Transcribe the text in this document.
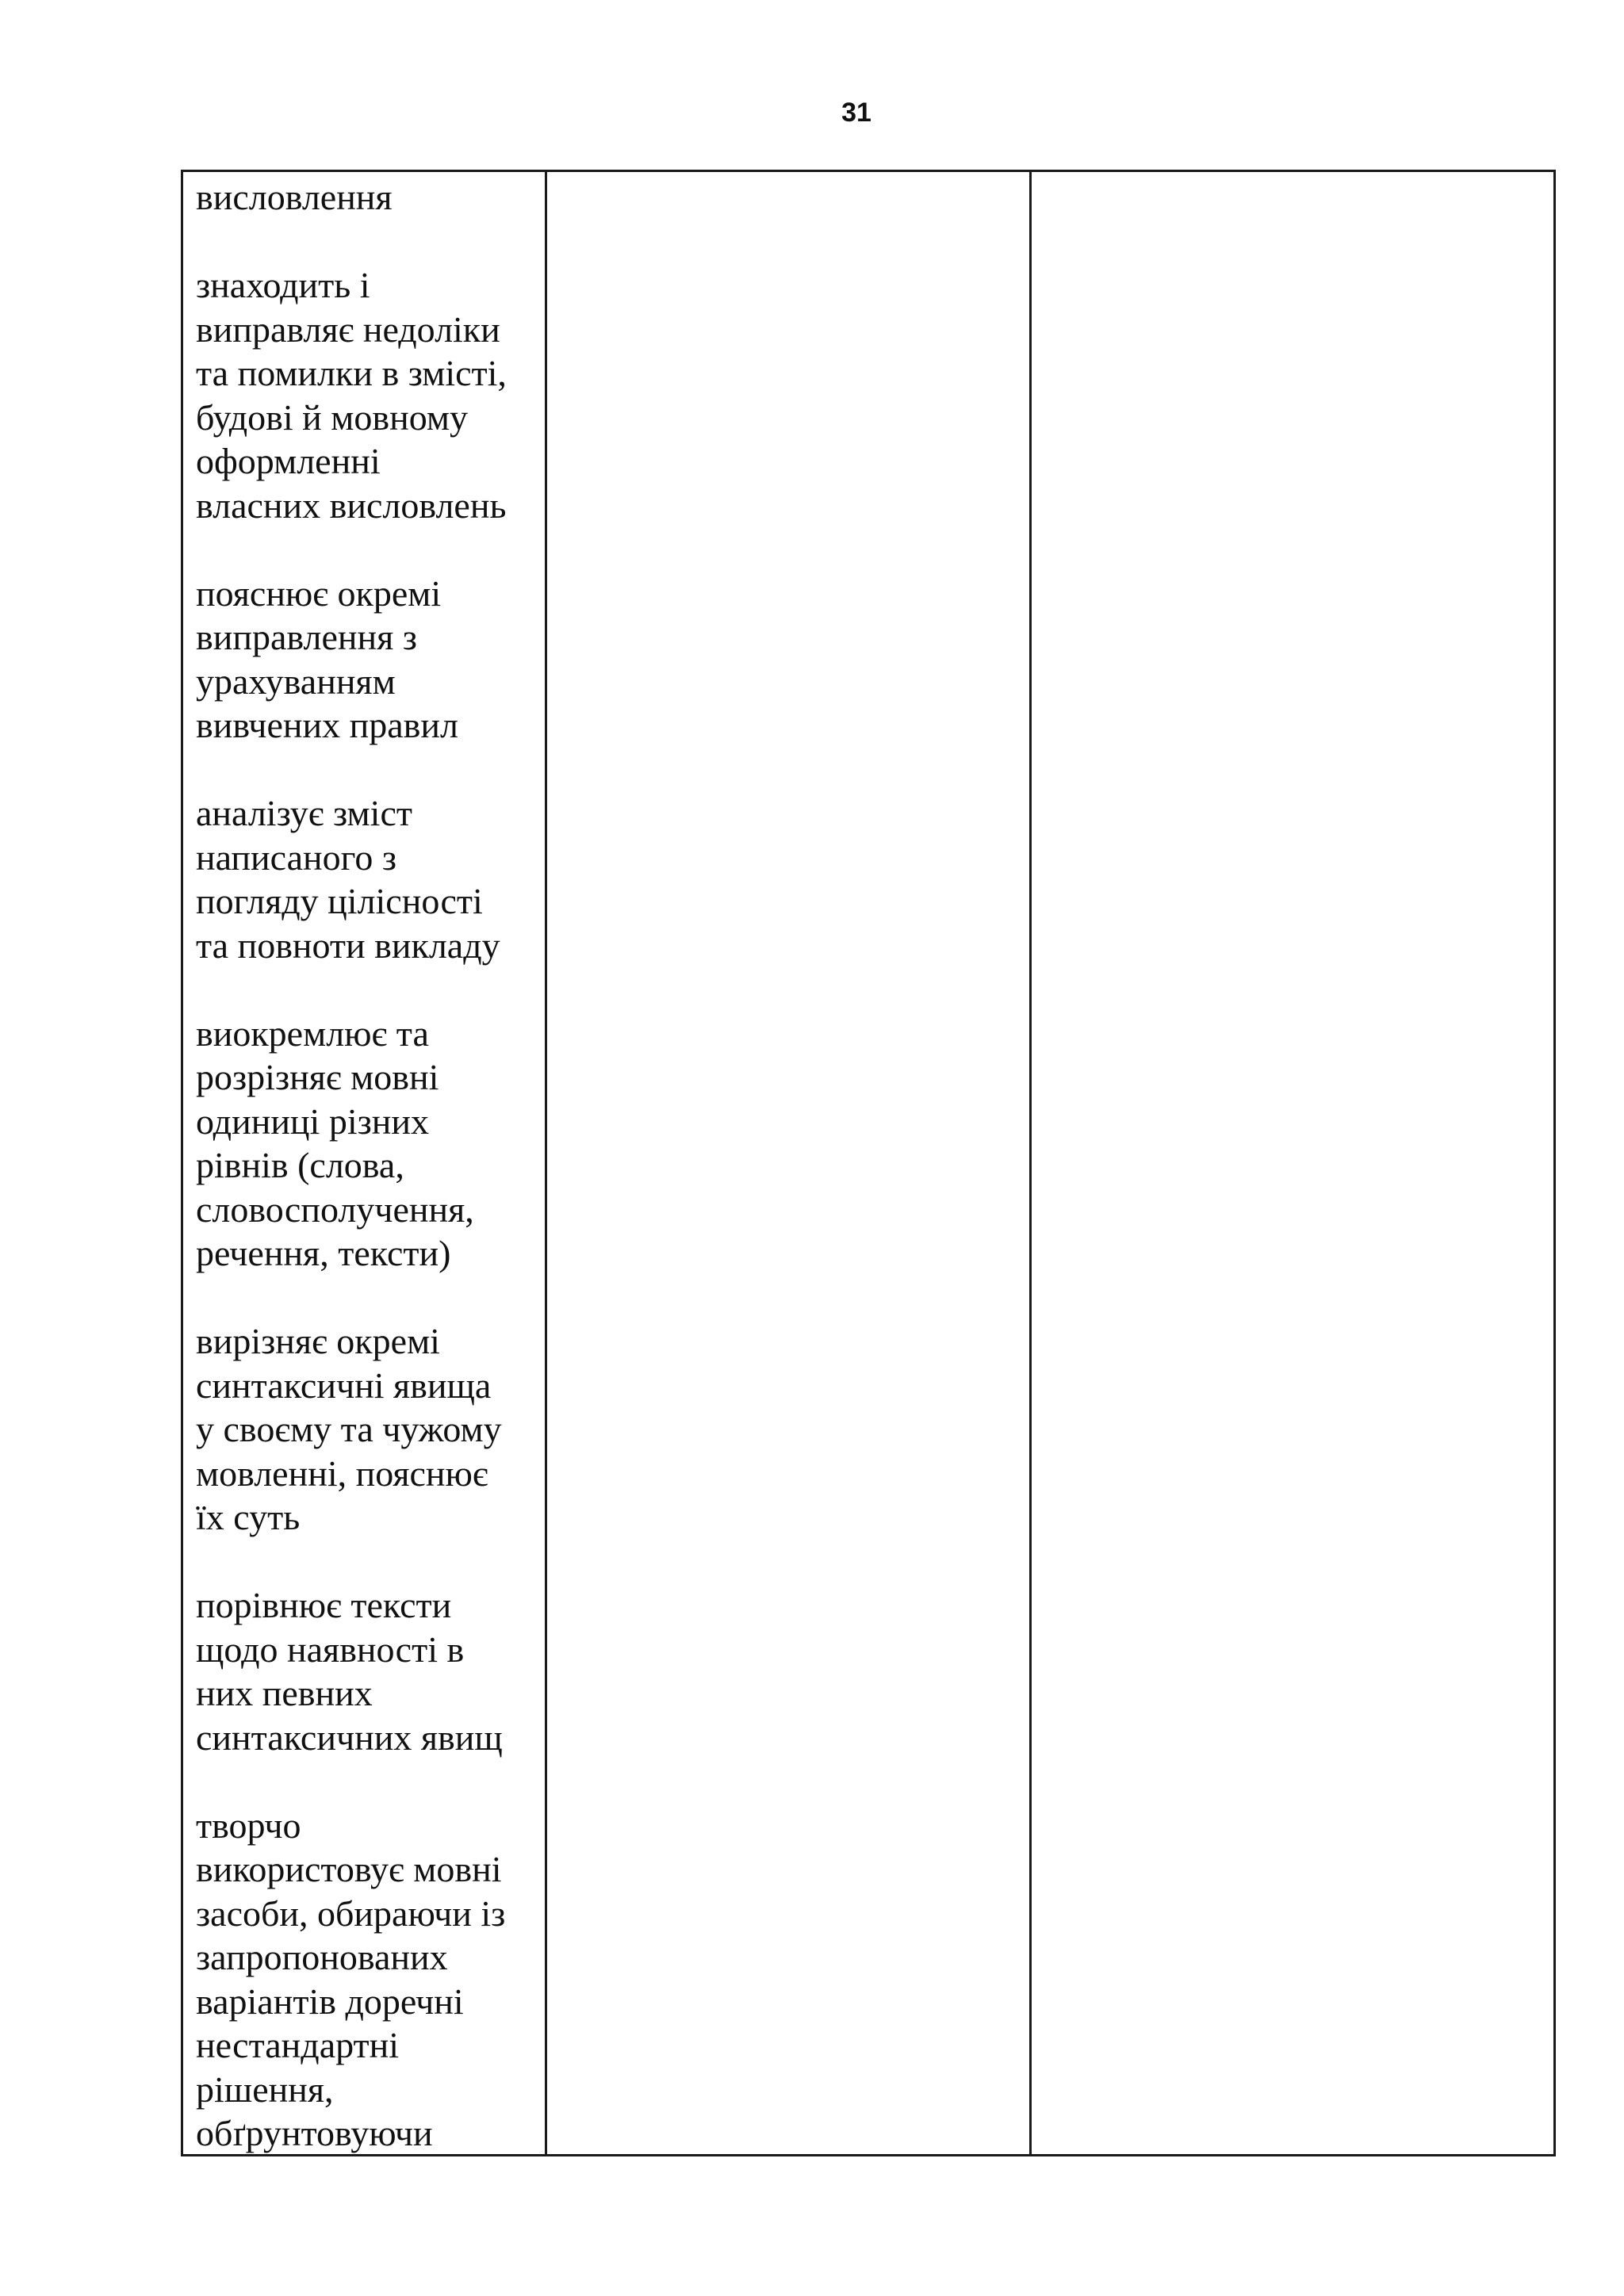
31

висловлення

знаходить і
виправляє недоліки
та помилки в змісті,
будові й мовному
оформленні
власних висловлень

пояснює окремі
виправлення з
урахуванням
вивчених правил

аналізує зміст
написаного з
погляду цілісності
та повноти викладу

виокремлює та
розрізняє мовні
одиниці різних
рівнів (слова,
словосполучення,
речення, тексти)

вирізняє окремі
синтаксичні явища
у своєму та чужому
мовленні, пояснює
їх суть

порівнює тексти
щодо наявності в
них певних
синтаксичних явищ

творчо
використовує мовні
засоби, обираючи із
запропонованих
варіантів доречні
нестандартні
рішення,
обґрунтовуючи
